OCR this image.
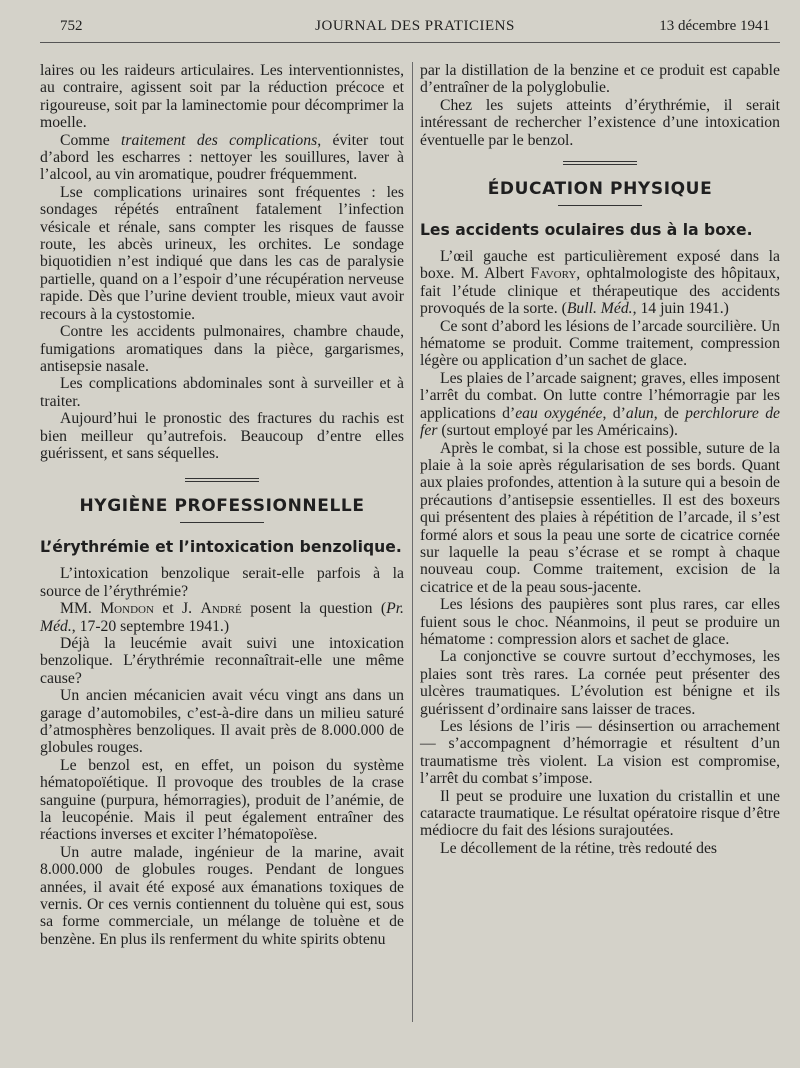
752	JOURNAL DES PRATICIENS	13 décembre 1941

laires ou les raideurs articulaires. Les interventionnistes, au contraire, agissent soit par la réduction précoce et rigoureuse, soit par la laminectomie pour décomprimer la moelle.

Comme traitement des complications, éviter tout d’abord les escharres : nettoyer les souillures, laver à l’alcool, au vin aromatique, poudrer fréquemment.

Lse complications urinaires sont fréquentes : les sondages répétés entraînent fatalement l’infection vésicale et rénale, sans compter les risques de fausse route, les abcès urineux, les orchites. Le sondage biquotidien n’est indiqué que dans les cas de paralysie partielle, quand on a l’espoir d’une récupération nerveuse rapide. Dès que l’urine devient trouble, mieux vaut avoir recours à la cystostomie.

Contre les accidents pulmonaires, chambre chaude, fumigations aromatiques dans la pièce, gargarismes, antisepsie nasale.

Les complications abdominales sont à surveiller et à traiter.

Aujourd’hui le pronostic des fractures du rachis est bien meilleur qu’autrefois. Beaucoup d’entre elles guérissent, et sans séquelles.

HYGIÈNE PROFESSIONNELLE
L’érythrémie et l’intoxication benzolique.

L’intoxication benzolique serait-elle parfois à la source de l’érythrémie?

MM. Mondon et J. André posent la question (Pr. Méd., 17-20 septembre 1941.)

Déjà la leucémie avait suivi une intoxication benzolique. L’érythrémie reconnaîtrait-elle une même cause?

Un ancien mécanicien avait vécu vingt ans dans un garage d’automobiles, c’est-à-dire dans un milieu saturé d’atmosphères benzoliques. Il avait près de 8.000.000 de globules rouges.

Le benzol est, en effet, un poison du système hématopoïétique. Il provoque des troubles de la crase sanguine (purpura, hémorragies), produit de l’anémie, de la leucopénie. Mais il peut également entraîner des réactions inverses et exciter l’hématopoïèse.

Un autre malade, ingénieur de la marine, avait 8.000.000 de globules rouges. Pendant de longues années, il avait été exposé aux émanations toxiques de vernis. Or ces vernis contiennent du toluène qui est, sous sa forme commerciale, un mélange de toluène et de benzène. En plus ils renferment du white spirits obtenu

par la distillation de la benzine et ce produit est capable d’entraîner de la polyglobulie.

Chez les sujets atteints d’érythrémie, il serait intéressant de rechercher l’existence d’une intoxication éventuelle par le benzol.

ÉDUCATION PHYSIQUE
Les accidents oculaires dus à la boxe.

L’œil gauche est particulièrement exposé dans la boxe. M. Albert Favory, ophtalmologiste des hôpitaux, fait l’étude clinique et thérapeutique des accidents provoqués de la sorte. (Bull. Méd., 14 juin 1941.)

Ce sont d’abord les lésions de l’arcade sourcilière. Un hématome se produit. Comme traitement, compression légère ou application d’un sachet de glace.

Les plaies de l’arcade saignent; graves, elles imposent l’arrêt du combat. On lutte contre l’hémorragie par les applications d’eau oxygénée, d’alun, de perchlorure de fer (surtout employé par les Américains).

Après le combat, si la chose est possible, suture de la plaie à la soie après régularisation de ses bords. Quant aux plaies profondes, attention à la suture qui a besoin de précautions d’antisepsie essentielles. Il est des boxeurs qui présentent des plaies à répétition de l’arcade, il s’est formé alors et sous la peau une sorte de cicatrice cornée sur laquelle la peau s’écrase et se rompt à chaque nouveau coup. Comme traitement, excision de la cicatrice et de la peau sous-jacente.

Les lésions des paupières sont plus rares, car elles fuient sous le choc. Néanmoins, il peut se produire un hématome : compression alors et sachet de glace.

La conjonctive se couvre surtout d’ecchymoses, les plaies sont très rares. La cornée peut présenter des ulcères traumatiques. L’évolution est bénigne et ils guérissent d’ordinaire sans laisser de traces.

Les lésions de l’iris — désinsertion ou arrachement — s’accompagnent d’hémorragie et résultent d’un traumatisme très violent. La vision est compromise, l’arrêt du combat s’impose.

Il peut se produire une luxation du cristallin et une cataracte traumatique. Le résultat opératoire risque d’être médiocre du fait des lésions surajoutées.

Le décollement de la rétine, très redouté des
